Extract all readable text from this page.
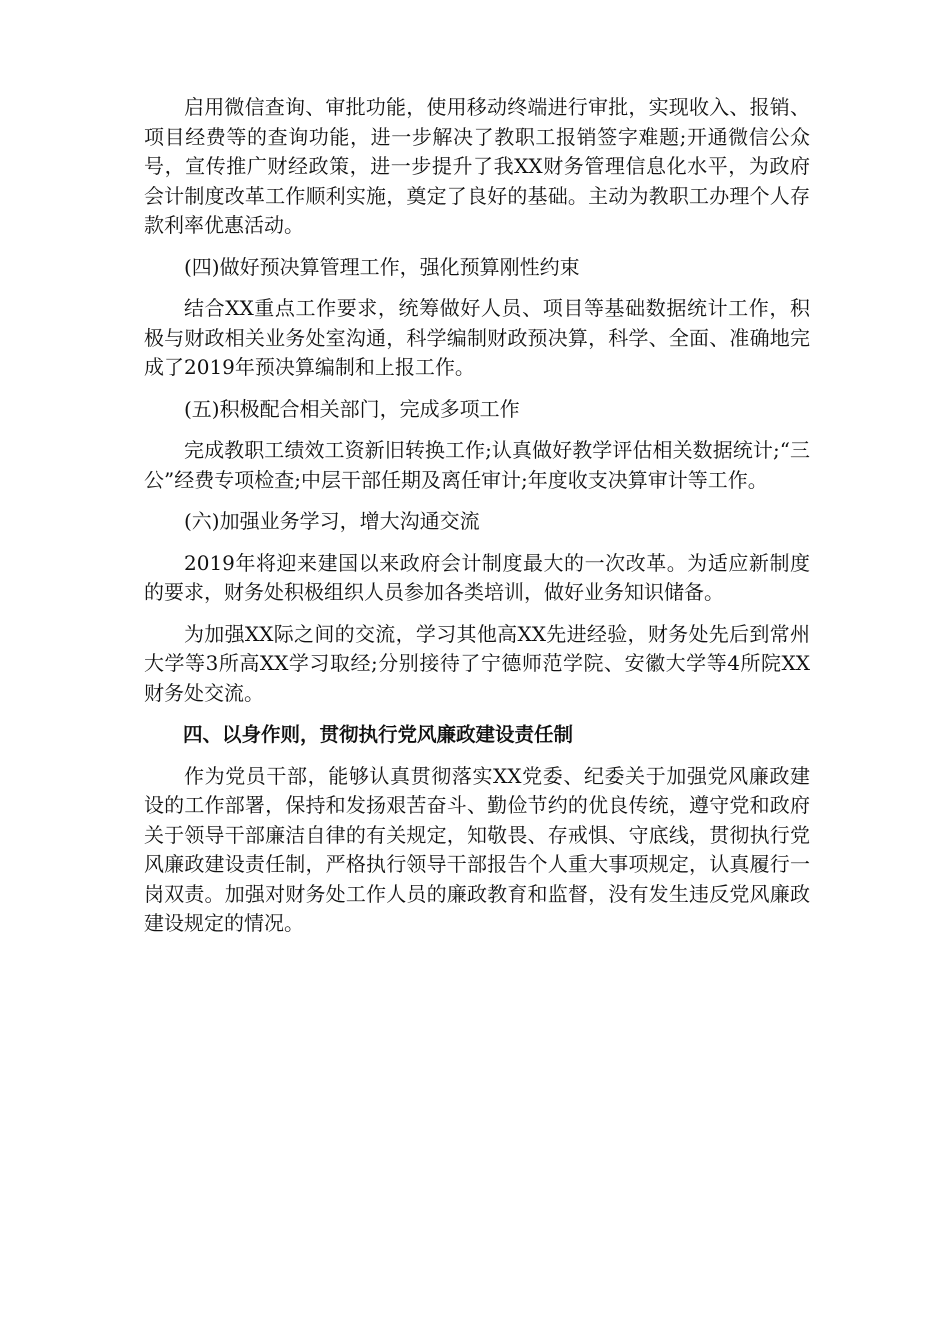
启用微信查询、审批功能，使用移动终端进行审批，实现收入、报销、项目经费等的查询功能，进一步解决了教职工报销签字难题;开通微信公众号，宣传推广财经政策，进一步提升了我XX财务管理信息化水平，为政府会计制度改革工作顺利实施，奠定了良好的基础。主动为教职工办理个人存款利率优惠活动。

(四)做好预决算管理工作，强化预算刚性约束

结合XX重点工作要求，统筹做好人员、项目等基础数据统计工作，积极与财政相关业务处室沟通，科学编制财政预决算，科学、全面、准确地完成了2019年预决算编制和上报工作。

(五)积极配合相关部门，完成多项工作

完成教职工绩效工资新旧转换工作;认真做好教学评估相关数据统计;“三公”经费专项检查;中层干部任期及离任审计;年度收支决算审计等工作。

(六)加强业务学习，增大沟通交流

2019年将迎来建国以来政府会计制度最大的一次改革。为适应新制度的要求，财务处积极组织人员参加各类培训，做好业务知识储备。

为加强XX际之间的交流，学习其他高XX先进经验，财务处先后到常州大学等3所高XX学习取经;分别接待了宁德师范学院、安徽大学等4所院XX财务处交流。

四、以身作则，贯彻执行党风廉政建设责任制

作为党员干部，能够认真贯彻落实XX党委、纪委关于加强党风廉政建设的工作部署，保持和发扬艰苦奋斗、勤俭节约的优良传统，遵守党和政府关于领导干部廉洁自律的有关规定，知敬畏、存戒惧、守底线，贯彻执行党风廉政建设责任制，严格执行领导干部报告个人重大事项规定，认真履行一岗双责。加强对财务处工作人员的廉政教育和监督，没有发生违反党风廉政建设规定的情况。
